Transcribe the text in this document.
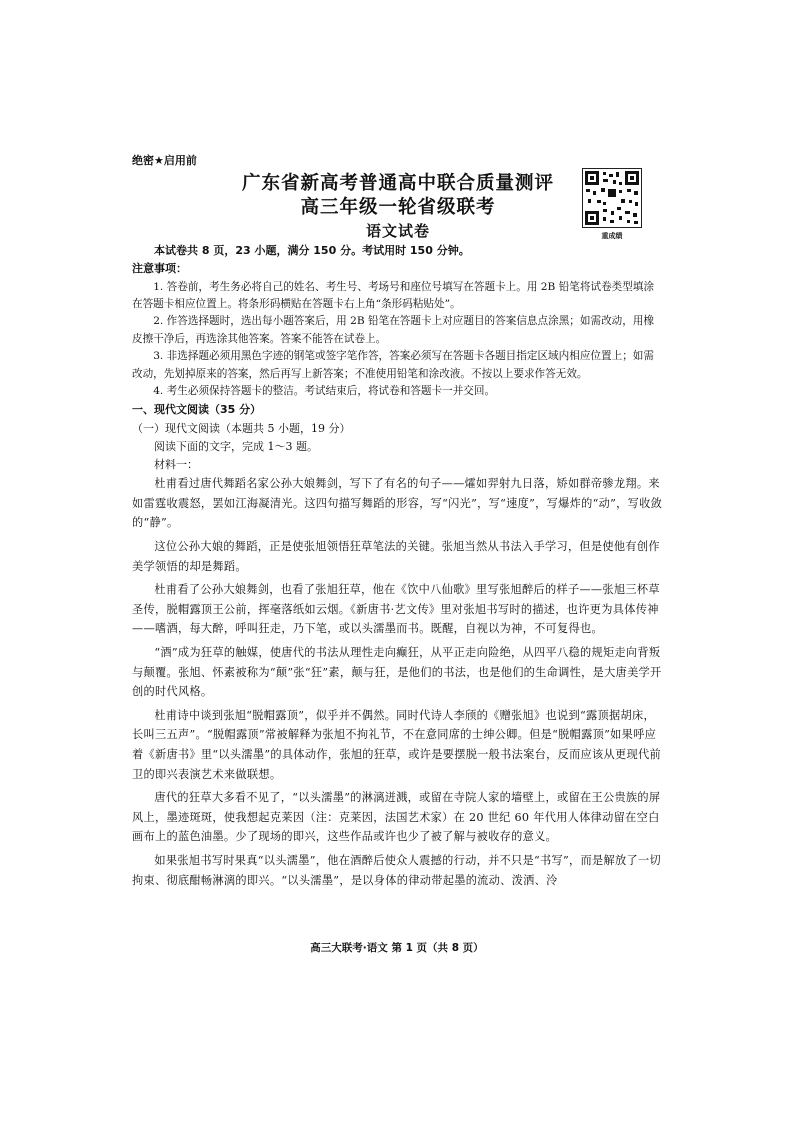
重成绩
绝密★启用前
广东省新高考普通高中联合质量测评
高三年级一轮省级联考
语文试卷
本试卷共 8 页，23 小题，满分 150 分。考试用时 150 分钟。
注意事项：

1. 答卷前，考生务必将自己的姓名、考生号、考场号和座位号填写在答题卡上。用 2B 铅笔将试卷类型填涂在答题卡相应位置上。将条形码横贴在答题卡右上角“条形码粘贴处”。

2. 作答选择题时，选出每小题答案后，用 2B 铅笔在答题卡上对应题目的答案信息点涂黑；如需改动，用橡皮擦干净后，再选涂其他答案。答案不能答在试卷上。

3. 非选择题必须用黑色字迹的钢笔或签字笔作答，答案必须写在答题卡各题目指定区域内相应位置上；如需改动，先划掉原来的答案，然后再写上新答案；不准使用铅笔和涂改液。不按以上要求作答无效。

4. 考生必须保持答题卡的整洁。考试结束后，将试卷和答题卡一并交回。

一、现代文阅读（35 分）
（一）现代文阅读（本题共 5 小题，19 分）
阅读下面的文字，完成 1～3 题。
材料一：

杜甫看过唐代舞蹈名家公孙大娘舞剑，写下了有名的句子——㸌如羿射九日落，矫如群帝骖龙翔。来如雷霆收震怒，罢如江海凝清光。这四句描写舞蹈的形容，写“闪光”，写“速度”，写爆炸的“动”，写收敛的“静”。

这位公孙大娘的舞蹈，正是使张旭领悟狂草笔法的关键。张旭当然从书法入手学习，但是使他有创作美学领悟的却是舞蹈。

杜甫看了公孙大娘舞剑，也看了张旭狂草，他在《饮中八仙歌》里写张旭醉后的样子——张旭三杯草圣传，脱帽露顶王公前，挥毫落纸如云烟。《新唐书·艺文传》里对张旭书写时的描述，也许更为具体传神——嗜酒，每大醉，呼叫狂走，乃下笔，或以头濡墨而书。既醒，自视以为神，不可复得也。

“酒”成为狂草的触媒，使唐代的书法从理性走向癫狂，从平正走向险绝，从四平八稳的规矩走向背叛与颠覆。张旭、怀素被称为“颠”张“狂”素，颠与狂，是他们的书法，也是他们的生命调性，是大唐美学开创的时代风格。

杜甫诗中谈到张旭“脱帽露顶”，似乎并不偶然。同时代诗人李颀的《赠张旭》也说到“露顶据胡床，长叫三五声”。“脱帽露顶”常被解释为张旭不拘礼节，不在意同席的士绅公卿。但是“脱帽露顶”如果呼应着《新唐书》里“以头濡墨”的具体动作，张旭的狂草，或许是要摆脱一般书法案台，反而应该从更现代前卫的即兴表演艺术来做联想。

唐代的狂草大多看不见了，“以头濡墨”的淋漓迸溅，或留在寺院人家的墙壁上，或留在王公贵族的屏风上，墨迹斑斑，使我想起克莱因（注：克莱因，法国艺术家）在 20 世纪 60 年代用人体律动留在空白画布上的蓝色油墨。少了现场的即兴，这些作品或许也少了被了解与被收存的意义。

如果张旭书写时果真“以头濡墨”，他在酒醉后使众人震撼的行动，并不只是“书写”，而是解放了一切拘束、彻底酣畅淋漓的即兴。“以头濡墨”，是以身体的律动带起墨的流动、泼洒、泠

高三大联考·语文 第 1 页（共 8 页）
